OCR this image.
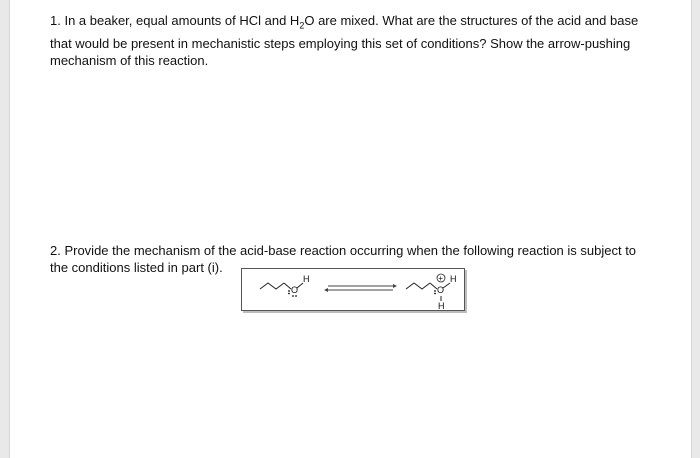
1. In a beaker, equal amounts of HCl and $H_2O$ are mixed. What are the structures of the acid and base that would be present in mechanistic steps employing this set of conditions? Show the arrow-pushing mechanism of this reaction.

2. Provide the mechanism of the acid-base reaction occurring when the following reaction is subject to the conditions listed in part (i).

O
H
O
H
H
+
